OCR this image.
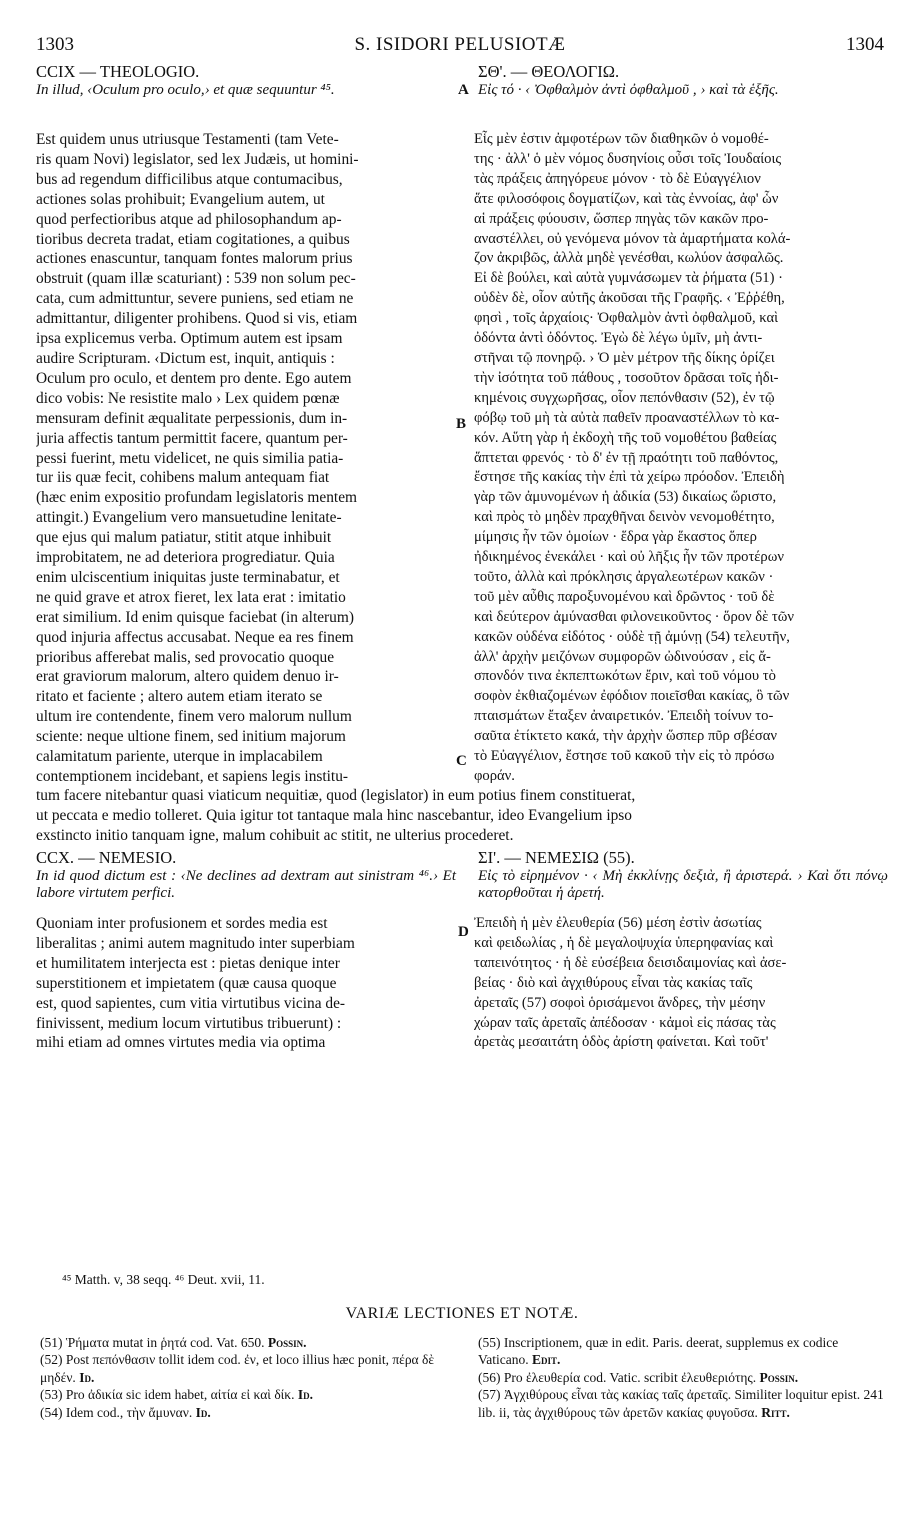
1303	S. ISIDORI PELUSIOTÆ	1304

CCIX — THEOLOGIO.

In illud, ‹Oculum pro oculo,› et quæ sequuntur ⁴⁵.

ΣΘ'. — ΘΕΟΛΟΓΙΩ.

Εἰς τό · ‹ Ὀφθαλμὸν ἀντὶ ὀφθαλμοῦ , › καὶ τὰ ἑξῆς.

Est quidem unus utriusque Testamenti (tam Vete-
ris quam Novi) legislator, sed lex Judæis, ut homini-
bus ad regendum difficilibus atque contumacibus,
actiones solas prohibuit; Evangelium autem, ut
quod perfectioribus atque ad philosophandum ap-
tioribus decreta tradat, etiam cogitationes, a quibus
actiones enascuntur, tanquam fontes malorum prius
obstruit (quam illæ scaturiant) : 539 non solum pec-
cata, cum admittuntur, severe puniens, sed etiam ne
admittantur, diligenter prohibens. Quod si vis, etiam
ipsa explicemus verba. Optimum autem est ipsam
audire Scripturam. ‹Dictum est, inquit, antiquis :
Oculum pro oculo, et dentem pro dente. Ego autem
dico vobis: Ne resistite malo › Lex quidem pœnæ
mensuram definit æqualitate perpessionis, dum in-
juria affectis tantum permittit facere, quantum per-
pessi fuerint, metu videlicet, ne quis similia patia-
tur iis quæ fecit, cohibens malum antequam fiat
(hæc enim expositio profundam legislatoris mentem
attingit.) Evangelium vero mansuetudine lenitate-
que ejus qui malum patiatur, stitit atque inhibuit
improbitatem, ne ad deteriora progrediatur. Quia
enim ulciscentium iniquitas juste terminabatur, et
ne quid grave et atrox fieret, lex lata erat : imitatio
erat similium. Id enim quisque faciebat (in alterum)
quod injuria affectus accusabat. Neque ea res finem
prioribus afferebat malis, sed provocatio quoque
erat graviorum malorum, altero quidem denuo ir-
ritato et faciente ; altero autem etiam iterato se
ultum ire contendente, finem vero malorum nullum
sciente: neque ultione finem, sed initium majorum
calamitatum pariente, uterque in implacabilem
contemptionem incidebant, et sapiens legis institu-
Εἷς μὲν ἐστιν ἀμφοτέρων τῶν διαθηκῶν ὁ νομοθέ-
της · ἀλλ' ὁ μὲν νόμος δυσηνίοις οὖσι τοῖς Ἰουδαίοις
τὰς πράξεις ἀπηγόρευε μόνον · τὸ δὲ Εὐαγγέλιον
ἅτε φιλοσόφοις δογματίζων, καὶ τὰς ἐννοίας, ἀφ' ὧν
αἱ πράξεις φύουσιν, ὥσπερ πηγὰς τῶν κακῶν προ-
αναστέλλει, οὐ γενόμενα μόνον τὰ ἁμαρτήματα κολά-
ζον ἀκριβῶς, ἀλλὰ μηδὲ γενέσθαι, κωλύον ἀσφαλῶς.
Εἰ δὲ βούλει, καὶ αὐτὰ γυμνάσωμεν τὰ ῥήματα (51) ·
οὐδὲν δὲ, οἷον αὐτῆς ἀκοῦσαι τῆς Γραφῆς. ‹ Ἐῤῥέθη,
φησὶ , τοῖς ἀρχαίοις· Ὀφθαλμὸν ἀντὶ ὀφθαλμοῦ, καὶ
ὀδόντα ἀντὶ ὀδόντος. Ἐγὼ δὲ λέγω ὑμῖν, μὴ ἀντι-
στῆναι τῷ πονηρῷ. › Ὁ μὲν μέτρον τῆς δίκης ὁρίζει
τὴν ἰσότητα τοῦ πάθους , τοσοῦτον δρᾶσαι τοῖς ἠδι-
κημένοις συγχωρῆσας, οἷον πεπόνθασιν (52), ἐν τῷ
φόβῳ τοῦ μὴ τὰ αὐτὰ παθεῖν προαναστέλλων τὸ κα-
κόν. Αὕτη γὰρ ἡ ἐκδοχὴ τῆς τοῦ νομοθέτου βαθείας
ἅπτεται φρενός · τὸ δ' ἐν τῇ πραότητι τοῦ παθόντος,
ἔστησε τῆς κακίας τὴν ἐπὶ τὰ χείρω πρόοδον. Ἐπειδὴ
γὰρ τῶν ἀμυνομένων ἡ ἀδικία (53) δικαίως ὥριστο,
καὶ πρὸς τὸ μηδὲν πραχθῆναι δεινὸν νενομοθέτητο,
μίμησις ἦν τῶν ὁμοίων · ἕδρα γὰρ ἕκαστος ὅπερ
ἠδικημένος ἐνεκάλει · καὶ οὐ λῆξις ἦν τῶν προτέρων
τοῦτο, ἀλλὰ καὶ πρόκλησις ἀργαλεωτέρων κακῶν ·
τοῦ μὲν αὖθις παροξυνομένου καὶ δρῶντος · τοῦ δὲ
καὶ δεύτερον ἀμύνασθαι φιλονεικοῦντος · ὅρον δὲ τῶν
κακῶν οὐδένα εἰδότος · οὐδὲ τῇ ἀμύνῃ (54) τελευτῆν,
ἀλλ' ἀρχὴν μειζόνων συμφορῶν ὠδινούσαν , εἰς ἄ-
σπονδόν τινα ἐκπεπτωκότων ἔριν, καὶ τοῦ νόμου τὸ
σοφὸν ἐκθιαζομένων ἐφόδιον ποιεῖσθαι κακίας, ὃ τῶν
πταισμάτων ἔταξεν ἀναιρετικόν. Ἐπειδὴ τοίνυν το-
σαῦτα ἐτίκτετο κακά, τὴν ἀρχὴν ὥσπερ πῦρ σβέσαν
τὸ Εὐαγγέλιον, ἔστησε τοῦ κακοῦ τὴν εἰς τὸ πρόσω
φοράν.
tum facere nitebantur quasi viaticum nequitiæ, quod (legislator) in eum potius finem constituerat,
ut peccata e medio tolleret. Quia igitur tot tantaque mala hinc nascebantur, ideo Evangelium ipso
exstincto initio tanquam igne, malum cohibuit ac stitit, ne ulterius procederet.

CCX. — NEMESIO.

In id quod dictum est : ‹Ne declines ad dextram aut sinistram ⁴⁶.› Et labore virtutem perfici.

ΣΙ'. — ΝΕΜΕΣΙΩ (55).

Εἰς τὸ εἰρημένον · ‹ Μὴ ἐκκλίνῃς δεξιὰ, ἢ ἀριστερά. › Καὶ ὅτι πόνῳ κατορθοῦται ἡ ἀρετή.

Quoniam inter profusionem et sordes media est
liberalitas ; animi autem magnitudo inter superbiam
et humilitatem interjecta est : pietas denique inter
superstitionem et impietatem (quæ causa quoque
est, quod sapientes, cum vitia virtutibus vicina de-
finivissent, medium locum virtutibus tribuerunt) :
mihi etiam ad omnes virtutes media via optima
Ἐπειδὴ ἡ μὲν ἐλευθερία (56) μέση ἐστὶν ἀσωτίας
καὶ φειδωλίας , ἡ δὲ μεγαλοψυχία ὑπερηφανίας καὶ
ταπεινότητος · ἡ δὲ εὐσέβεια δεισιδαιμονίας καὶ ἀσε-
βείας · διὸ καὶ ἀγχιθύρους εἶναι τὰς κακίας ταῖς
ἀρεταῖς (57) σοφοὶ ὁρισάμενοι ἄνδρες, τὴν μέσην
χώραν ταῖς ἀρεταῖς ἀπέδοσαν · κἀμοὶ εἰς πάσας τὰς
ἀρετὰς μεσαιτάτη ὁδὸς ἀρίστη φαίνεται. Καὶ τοῦτ'
A
B
C
D
⁴⁵ Matth. v, 38 seqq. ⁴⁶ Deut. xvii, 11.
VARIÆ LECTIONES ET NOTÆ.

(51) Ῥήματα mutat in ῥητά cod. Vat. 650. Possin.

(52) Post πεπόνθασιν tollit idem cod. ἐν, et loco illius hæc ponit, πέρα δὲ μηδέν. Id.

(53) Pro ἀδικία sic idem habet, αἰτία εἰ καὶ δίκ. Id.

(54) Idem cod., τὴν ἄμυναν. Id.

(55) Inscriptionem, quæ in edit. Paris. deerat, supplemus ex codice Vaticano. Edit.

(56) Pro ἐλευθερία cod. Vatic. scribit ἐλευθεριότης. Possin.

(57) Ἀγχιθύρους εἶναι τὰς κακίας ταῖς ἀρεταῖς. Similiter loquitur epist. 241 lib. ii, τὰς ἀγχιθύρους τῶν ἀρετῶν κακίας φυγοῦσα. Ritt.
